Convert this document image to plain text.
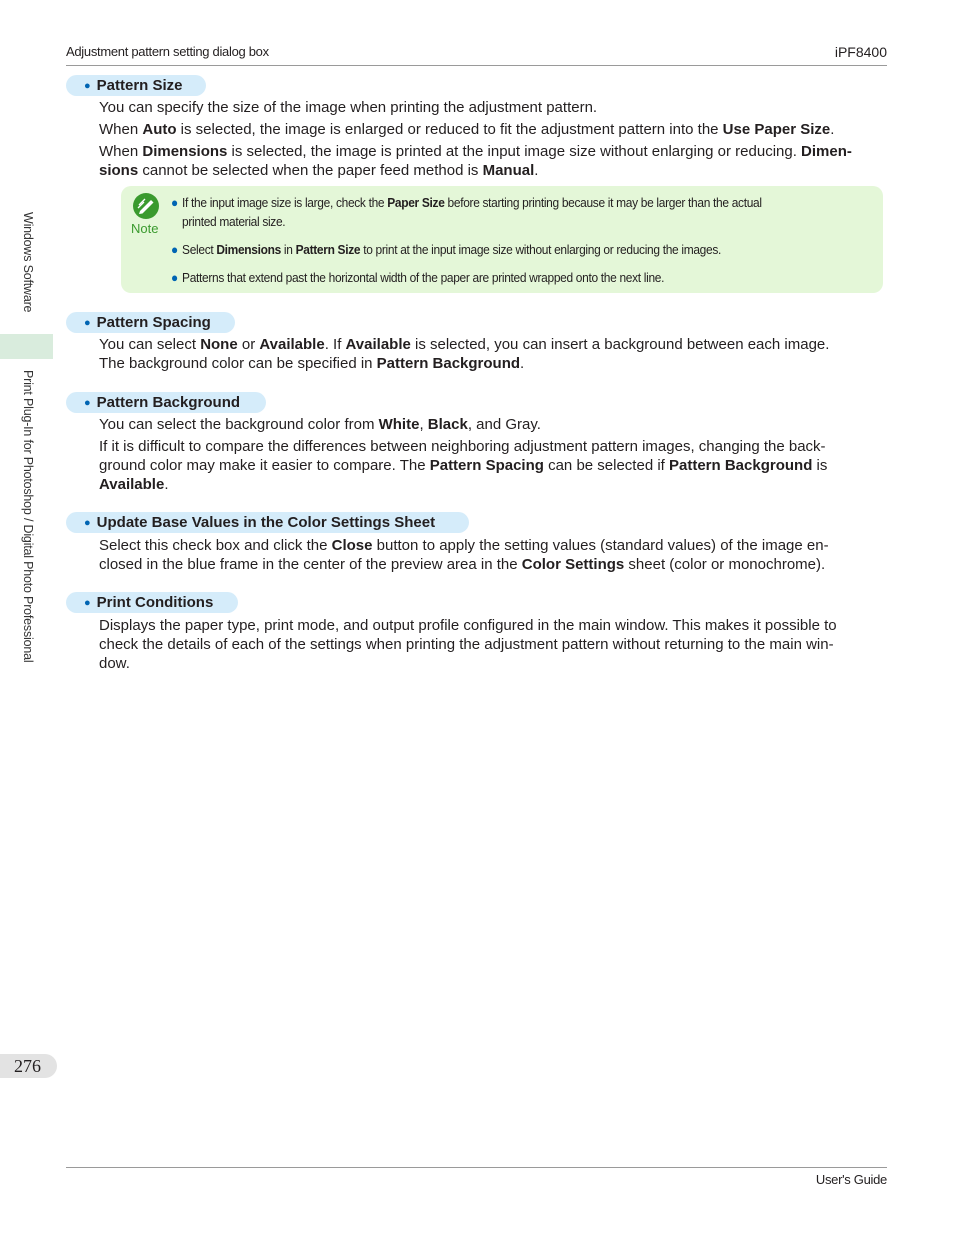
Adjustment pattern setting dialog box	iPF8400
Windows Software
Print Plug-In for Photoshop / Digital Photo Professional
● Pattern Size
You can specify the size of the image when printing the adjustment pattern.
When Auto is selected, the image is enlarged or reduced to fit the adjustment pattern into the Use Paper Size.
When Dimensions is selected, the image is printed at the input image size without enlarging or reducing. Dimen-
sions cannot be selected when the paper feed method is Manual.
Note
● If the input image size is large, check the Paper Size before starting printing because it may be larger than the actual
printed material size.
● Select Dimensions in Pattern Size to print at the input image size without enlarging or reducing the images.
● Patterns that extend past the horizontal width of the paper are printed wrapped onto the next line.
● Pattern Spacing
You can select None or Available. If Available is selected, you can insert a background between each image.
The background color can be specified in Pattern Background.
● Pattern Background
You can select the background color from White, Black, and Gray.
If it is difficult to compare the differences between neighboring adjustment pattern images, changing the back-
ground color may make it easier to compare. The Pattern Spacing can be selected if Pattern Background is
Available.
● Update Base Values in the Color Settings Sheet
Select this check box and click the Close button to apply the setting values (standard values) of the image en-
closed in the blue frame in the center of the preview area in the Color Settings sheet (color or monochrome).
● Print Conditions
Displays the paper type, print mode, and output profile configured in the main window. This makes it possible to
check the details of each of the settings when printing the adjustment pattern without returning to the main win-
dow.
276
User's Guide
